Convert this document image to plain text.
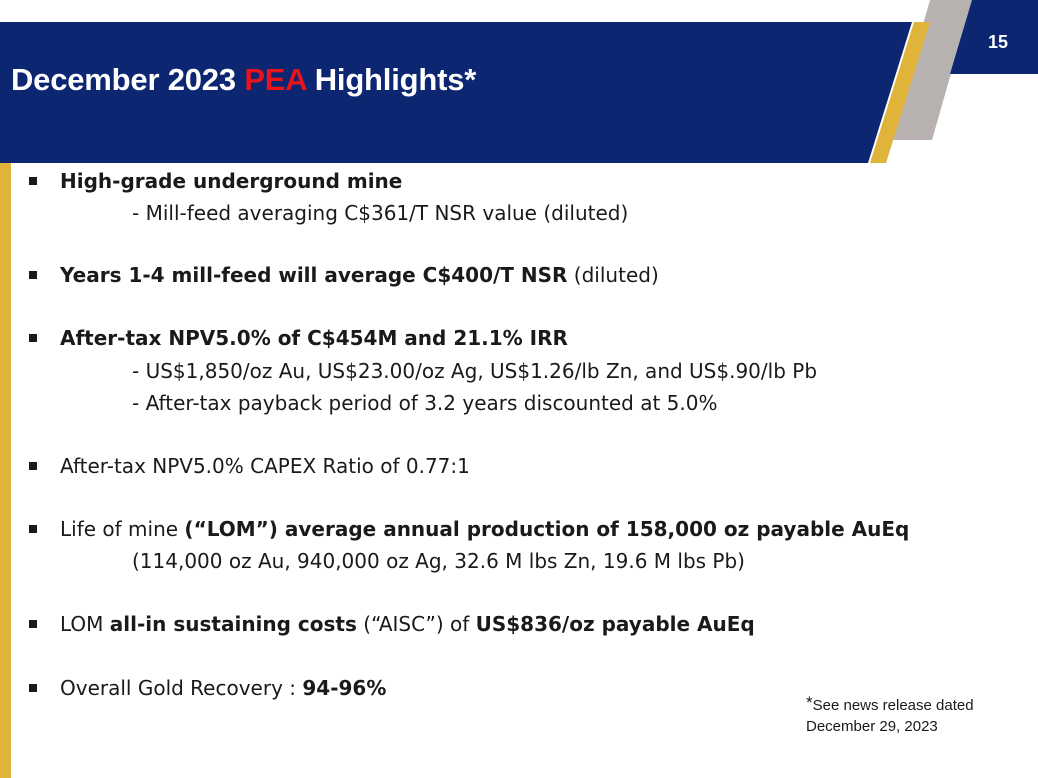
December 2023 PEA Highlights*
15
High-grade underground mine
- Mill-feed averaging C$361/T NSR value (diluted)
Years 1-4 mill-feed will average C$400/T NSR (diluted)
After-tax NPV5.0% of C$454M and 21.1% IRR
- US$1,850/oz Au, US$23.00/oz Ag, US$1.26/lb Zn, and US$.90/lb Pb
- After-tax payback period of 3.2 years discounted at 5.0%
After-tax NPV5.0% CAPEX Ratio of 0.77:1
Life of mine (“LOM”) average annual production of 158,000 oz payable AuEq
(114,000 oz Au, 940,000 oz Ag, 32.6 M lbs Zn, 19.6 M lbs Pb)
LOM all-in sustaining costs (“AISC”) of US$836/oz payable AuEq
Overall Gold Recovery : 94-96%
*See news release dated
December 29, 2023
